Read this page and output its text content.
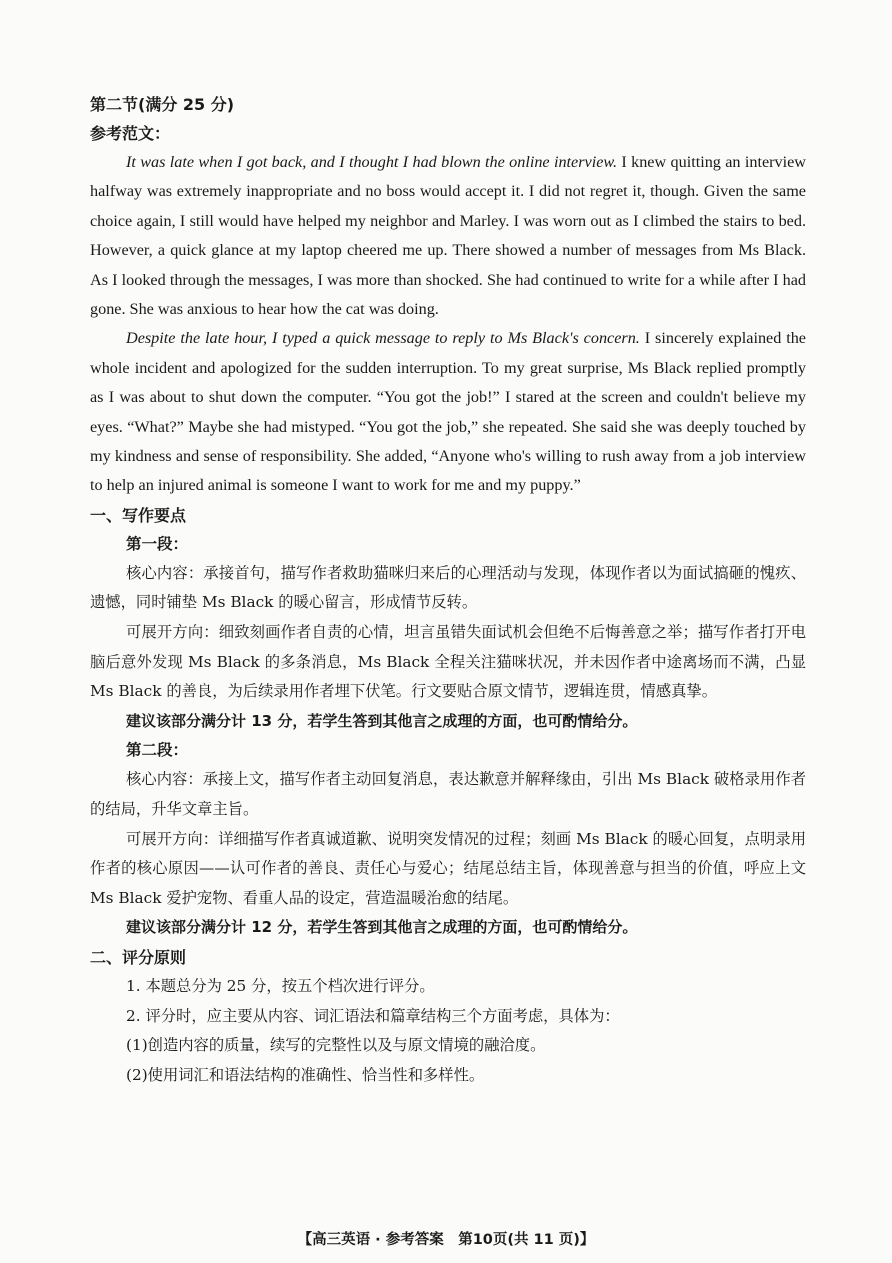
第二节(满分 25 分)
参考范文：

It was late when I got back, and I thought I had blown the online interview. I knew quitting an interview halfway was extremely inappropriate and no boss would accept it. I did not regret it, though. Given the same choice again, I still would have helped my neighbor and Marley. I was worn out as I climbed the stairs to bed. However, a quick glance at my laptop cheered me up. There showed a number of messages from Ms Black. As I looked through the messages, I was more than shocked. She had continued to write for a while after I had gone. She was anxious to hear how the cat was doing.

Despite the late hour, I typed a quick message to reply to Ms Black's concern. I sincerely explained the whole incident and apologized for the sudden interruption. To my great surprise, Ms Black replied promptly as I was about to shut down the computer. “You got the job!” I stared at the screen and couldn't believe my eyes. “What?” Maybe she had mistyped. “You got the job,” she repeated. She said she was deeply touched by my kindness and sense of responsibility. She added, “Anyone who's willing to rush away from a job interview to help an injured animal is someone I want to work for me and my puppy.”

一、写作要点
第一段：

核心内容：承接首句，描写作者救助猫咪归来后的心理活动与发现，体现作者以为面试搞砸的愧疚、遗憾，同时铺垫 Ms Black 的暖心留言，形成情节反转。

可展开方向：细致刻画作者自责的心情，坦言虽错失面试机会但绝不后悔善意之举；描写作者打开电脑后意外发现 Ms Black 的多条消息，Ms Black 全程关注猫咪状况，并未因作者中途离场而不满，凸显 Ms Black 的善良，为后续录用作者埋下伏笔。行文要贴合原文情节，逻辑连贯，情感真挚。

建议该部分满分计 13 分，若学生答到其他言之成理的方面，也可酌情给分。

第二段：

核心内容：承接上文，描写作者主动回复消息，表达歉意并解释缘由，引出 Ms Black 破格录用作者的结局，升华文章主旨。

可展开方向：详细描写作者真诚道歉、说明突发情况的过程；刻画 Ms Black 的暖心回复，点明录用作者的核心原因——认可作者的善良、责任心与爱心；结尾总结主旨，体现善意与担当的价值，呼应上文 Ms Black 爱护宠物、看重人品的设定，营造温暖治愈的结尾。

建议该部分满分计 12 分，若学生答到其他言之成理的方面，也可酌情给分。

二、评分原则
1. 本题总分为 25 分，按五个档次进行评分。
2. 评分时，应主要从内容、词汇语法和篇章结构三个方面考虑，具体为：
(1)创造内容的质量，续写的完整性以及与原文情境的融洽度。
(2)使用词汇和语法结构的准确性、恰当性和多样性。
【高三英语 · 参考答案　第10页(共 11 页)】
